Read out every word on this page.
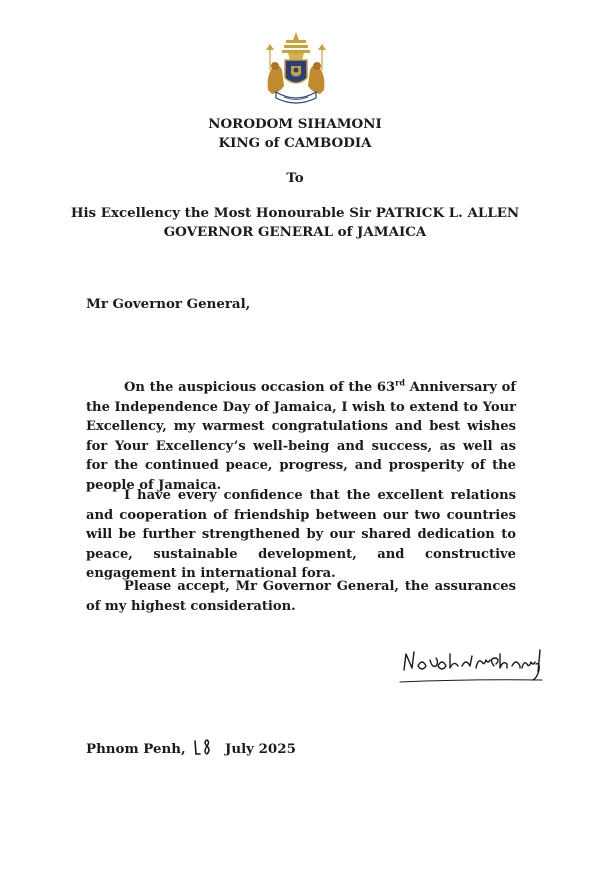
NORODOM SIHAMONI
KING of CAMBODIA
To
His Excellency the Most Honourable Sir PATRICK L. ALLEN
GOVERNOR GENERAL of JAMAICA
Mr Governor General,

On the auspicious occasion of the 63rd Anniversary of the Independence Day of Jamaica, I wish to extend to Your Excellency, my warmest congratulations and best wishes for Your Excellency’s well-being and success, as well as for the continued peace, progress, and prosperity of the people of Jamaica.

I have every confidence that the excellent relations and cooperation of friendship between our two countries will be further strengthened by our shared dedication to peace, sustainable development, and constructive engagement in international fora.

Please accept, Mr Governor General, the assurances of my highest consideration.

Phnom Penh,	July 2025
